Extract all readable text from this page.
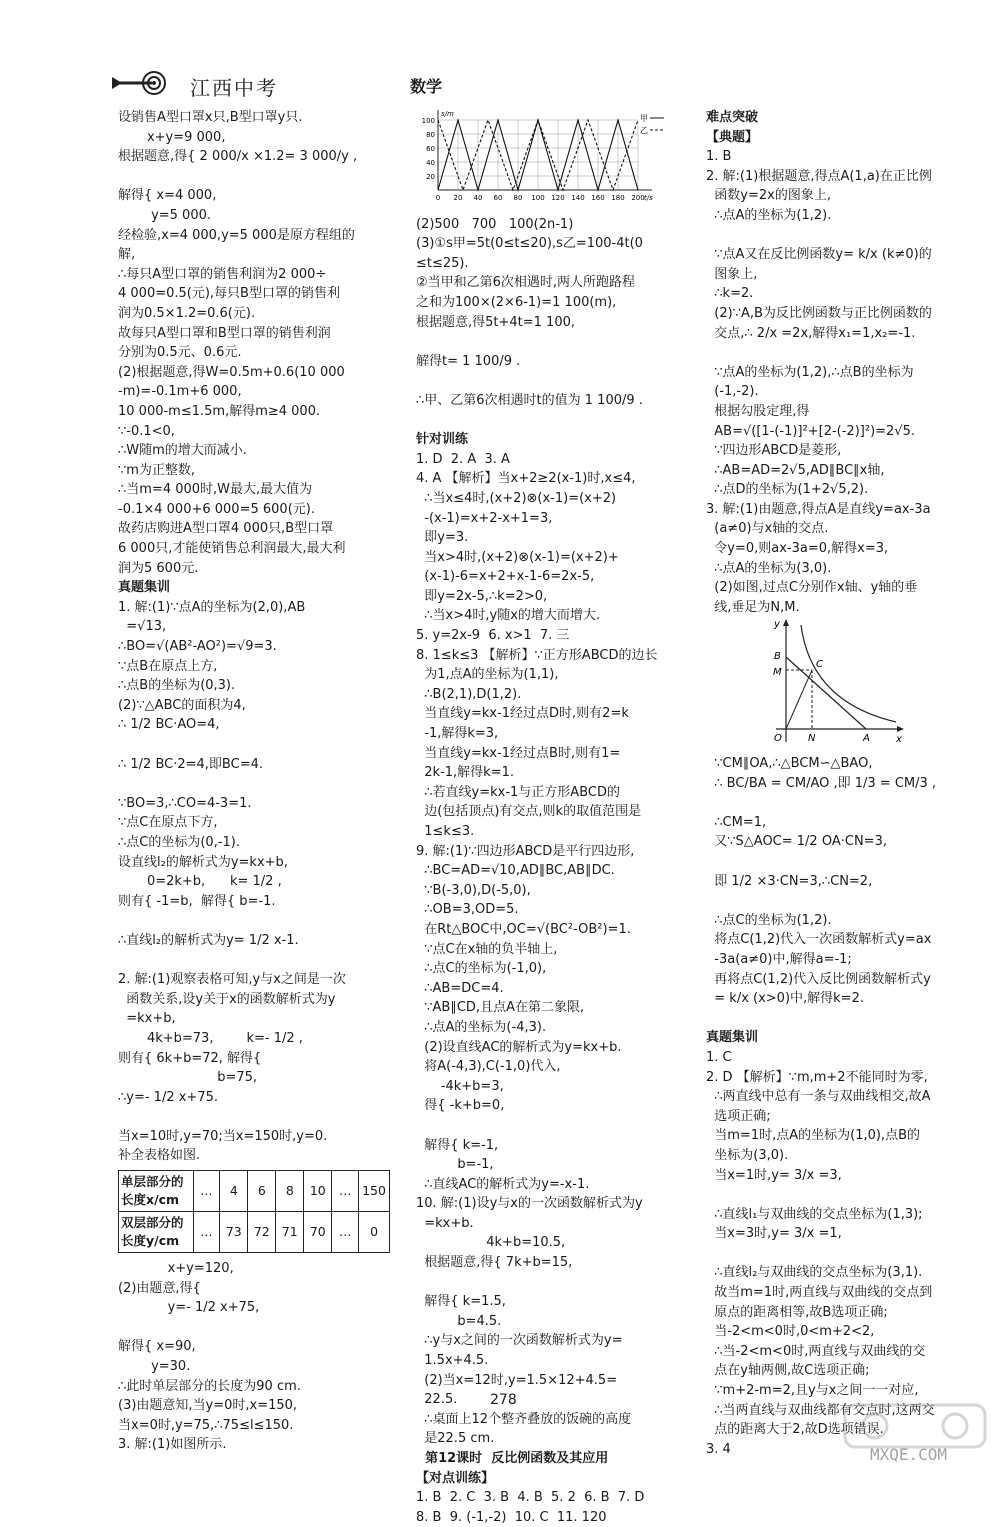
江西中考	数学
设销售A型口罩x只,B型口罩y只.
x+y=9 000,
根据题意,得{ 2 000/x ×1.2= 3 000/y ,

解得{ x=4 000,
y=5 000.
经检验,x=4 000,y=5 000是原方程组的
解,
∴每只A型口罩的销售利润为2 000÷
4 000=0.5(元),每只B型口罩的销售利
润为0.5×1.2=0.6(元).
故每只A型口罩和B型口罩的销售利润
分别为0.5元、0.6元.
(2)根据题意,得W=0.5m+0.6(10 000
-m)=-0.1m+6 000,
10 000-m≤1.5m,解得m≥4 000.
∵-0.1<0,
∴W随m的增大而减小.
∵m为正整数,
∴当m=4 000时,W最大,最大值为
-0.1×4 000+6 000=5 600(元).
故药店购进A型口罩4 000只,B型口罩
6 000只,才能使销售总利润最大,最大利
润为5 600元.
真题集训
1. 解:(1)∵点A的坐标为(2,0),AB
=√13,
∴BO=√(AB²-AO²)=√9=3.
∵点B在原点上方,
∴点B的坐标为(0,3).
(2)∵△ABC的面积为4,
∴ 1/2 BC·AO=4,

∴ 1/2 BC·2=4,即BC=4.

∵BO=3,∴CO=4-3=1.
∵点C在原点下方,
∴点C的坐标为(0,-1).
设直线l₂的解析式为y=kx+b,
0=2k+b,      k= 1/2 ,
则有{ -1=b,  解得{ b=-1.

∴直线l₂的解析式为y= 1/2 x-1.

2. 解:(1)观察表格可知,y与x之间是一次
函数关系,设y关于x的函数解析式为y
=kx+b,
4k+b=73,        k=- 1/2 ,
则有{ 6k+b=72, 解得{
b=75,
∴y=- 1/2 x+75.

当x=10时,y=70;当x=150时,y=0.
补全表格如图.
单层部分的长度x/cm	…	4	6	8	10	…	150
双层部分的长度y/cm	…	73	72	71	70	…	0
x+y=120,
(2)由题意,得{
y=- 1/2 x+75,

解得{ x=90,
y=30.
∴此时单层部分的长度为90 cm.
(3)由题意知,当y=0时,x=150,
当x=0时,y=75,∴75≤l≤150.
3. 解:(1)如图所示.
0 20 40 60 80 100 120 140 160 180 200
20
40
60
80
100
s/m
t/s
甲
乙
(2)500   700   100(2n-1)
(3)①s甲=5t(0≤t≤20),s乙=100-4t(0
≤t≤25).
②当甲和乙第6次相遇时,两人所跑路程
之和为100×(2×6-1)=1 100(m),
根据题意,得5t+4t=1 100,

解得t= 1 100/9 .

∴甲、乙第6次相遇时t的值为 1 100/9 .

针对训练
1. D  2. A  3. A
4. A 【解析】当x+2≥2(x-1)时,x≤4,
∴当x≤4时,(x+2)⊗(x-1)=(x+2)
-(x-1)=x+2-x+1=3,
即y=3.
当x>4时,(x+2)⊗(x-1)=(x+2)+
(x-1)-6=x+2+x-1-6=2x-5,
即y=2x-5,∴k=2>0,
∴当x>4时,y随x的增大而增大.
5. y=2x-9  6. x>1  7. 三
8. 1≤k≤3 【解析】∵正方形ABCD的边长
为1,点A的坐标为(1,1),
∴B(2,1),D(1,2).
当直线y=kx-1经过点D时,则有2=k
-1,解得k=3,
当直线y=kx-1经过点B时,则有1=
2k-1,解得k=1.
∴若直线y=kx-1与正方形ABCD的
边(包括顶点)有交点,则k的取值范围是
1≤k≤3.
9. 解:(1)∵四边形ABCD是平行四边形,
∴BC=AD=√10,AD∥BC,AB∥DC.
∵B(-3,0),D(-5,0),
∴OB=3,OD=5.
在Rt△BOC中,OC=√(BC²-OB²)=1.
∵点C在x轴的负半轴上,
∴点C的坐标为(-1,0),
∴AB=DC=4.
∵AB∥CD,且点A在第二象限,
∴点A的坐标为(-4,3).
(2)设直线AC的解析式为y=kx+b.
将A(-4,3),C(-1,0)代入,
-4k+b=3,
得{ -k+b=0,

解得{ k=-1,
b=-1,
∴直线AC的解析式为y=-x-1.
10. 解:(1)设y与x的一次函数解析式为y
=kx+b.
4k+b=10.5,
根据题意,得{ 7k+b=15,

解得{ k=1.5,
b=4.5.
∴y与x之间的一次函数解析式为y=
1.5x+4.5.
(2)当x=12时,y=1.5×12+4.5=
22.5.
∴桌面上12个整齐叠放的饭碗的高度
是22.5 cm.
第12课时  反比例函数及其应用
【对点训练】
1. B  2. C  3. B  4. B  5. 2  6. B  7. D
8. B  9. (-1,-2)  10. C  11. 120
难点突破
【典题】
1. B
2. 解:(1)根据题意,得点A(1,a)在正比例
函数y=2x的图象上,
∴点A的坐标为(1,2).

∵点A又在反比例函数y= k/x (k≠0)的
图象上,
∴k=2.
(2)∵A,B为反比例函数与正比例函数的
交点,∴ 2/x =2x,解得x₁=1,x₂=-1.

∵点A的坐标为(1,2),∴点B的坐标为
(-1,-2).
根据勾股定理,得
AB=√([1-(-1)]²+[2-(-2)]²)=2√5.
∵四边形ABCD是菱形,
∴AB=AD=2√5,AD∥BC∥x轴,
∴点D的坐标为(1+2√5,2).
3. 解:(1)由题意,得点A是直线y=ax-3a
(a≠0)与x轴的交点.
令y=0,则ax-3a=0,解得x=3,
∴点A的坐标为(3,0).
(2)如图,过点C分别作x轴、y轴的垂
线,垂足为N,M.
y
x
O
B
M
C
N	A
∵CM∥OA,∴△BCM∽△BAO,
∴ BC/BA = CM/AO ,即 1/3 = CM/3 ,

∴CM=1,
又∵S△AOC= 1/2 OA·CN=3,

即 1/2 ×3·CN=3,∴CN=2,

∴点C的坐标为(1,2).
将点C(1,2)代入一次函数解析式y=ax
-3a(a≠0)中,解得a=-1;
再将点C(1,2)代入反比例函数解析式y
= k/x (x>0)中,解得k=2.

真题集训
1. C
2. D 【解析】∵m,m+2不能同时为零,
∴两直线中总有一条与双曲线相交,故A
选项正确;
当m=1时,点A的坐标为(1,0),点B的
坐标为(3,0).
当x=1时,y= 3/x =3,

∴直线l₁与双曲线的交点坐标为(1,3);
当x=3时,y= 3/x =1,

∴直线l₂与双曲线的交点坐标为(3,1).
故当m=1时,两直线与双曲线的交点到
原点的距离相等,故B选项正确;
当-2<m<0时,0<m+2<2,
∴当-2<m<0时,两直线与双曲线的交
点在y轴两侧,故C选项正确;
∵m+2-m=2,且y与x之间一一对应,
∴当两直线与双曲线都有交点时,这两交
点的距离大于2,故D选项错误.
3. 4
278
MXQE.COM
